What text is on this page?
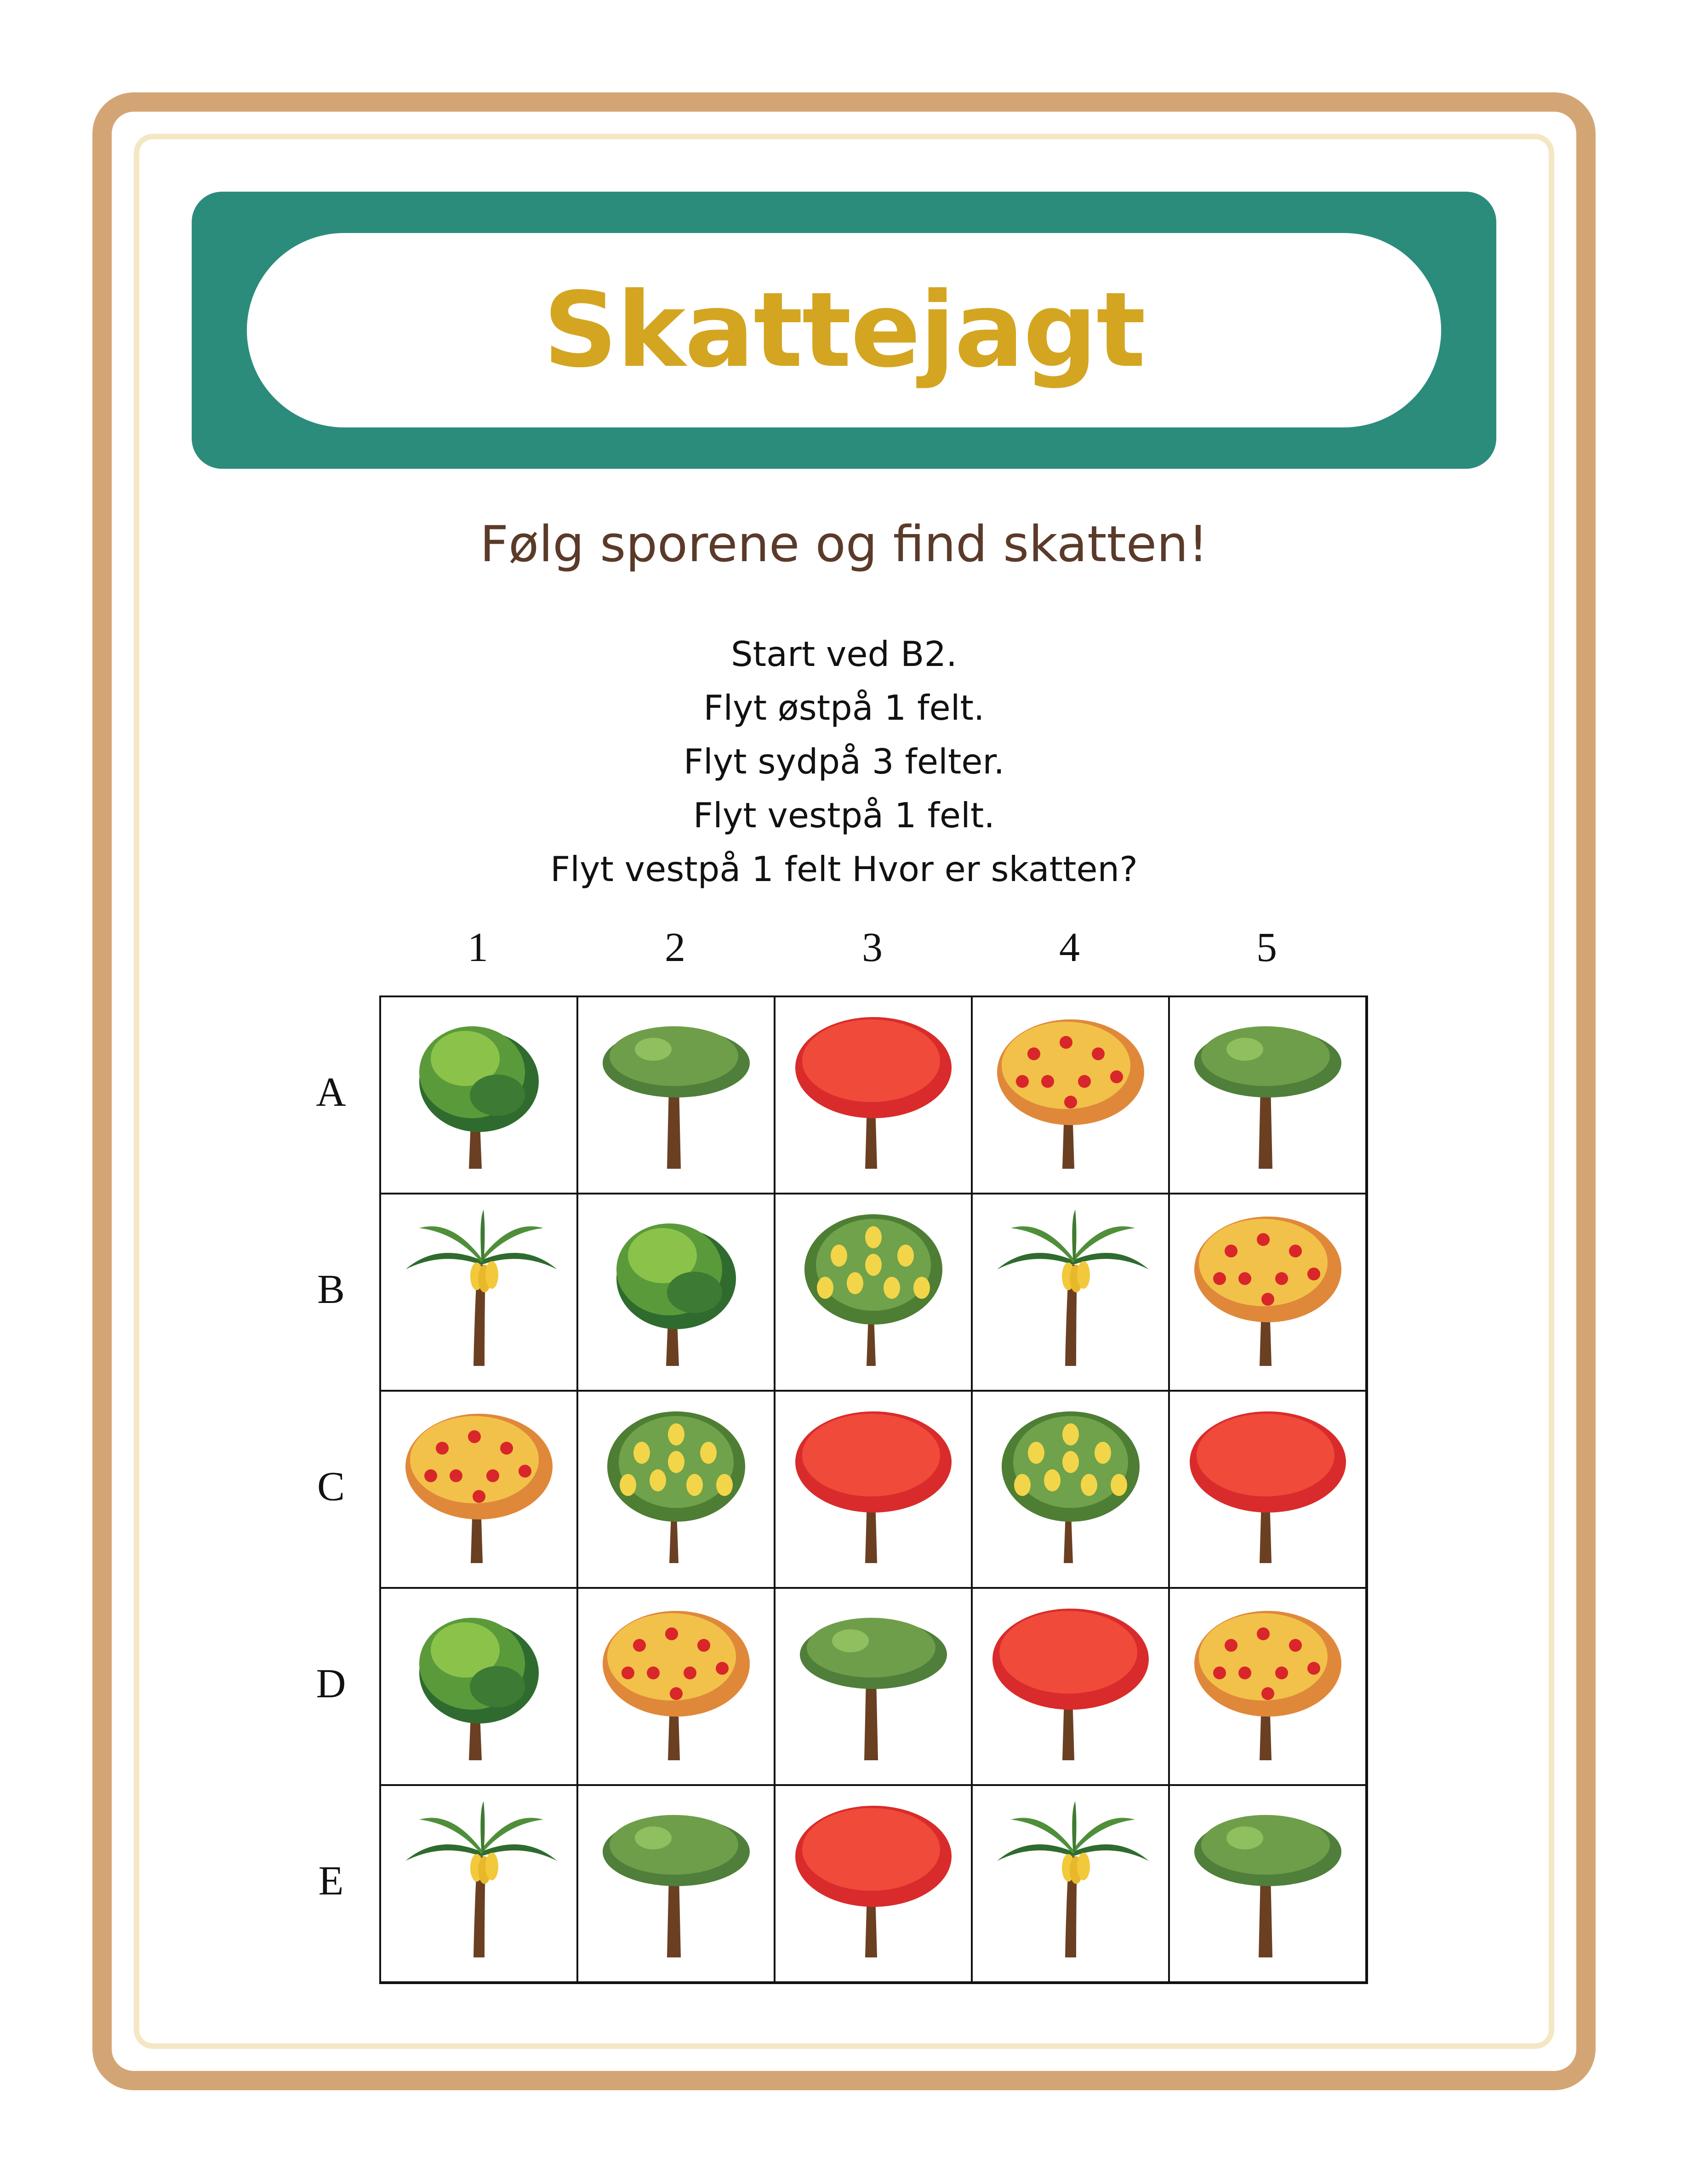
Skattejagt
Følg sporene og find skatten!
Start ved B2.
Flyt østpå 1 felt.
Flyt sydpå 3 felter.
Flyt vestpå 1 felt.
Flyt vestpå 1 felt Hvor er skatten?
1	2	3	4	5
A
B
C
D
E
